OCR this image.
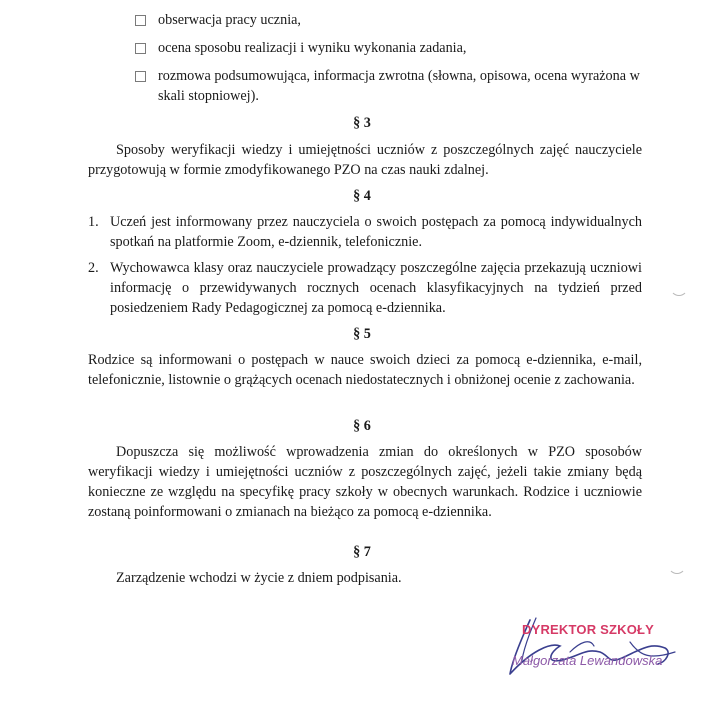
obserwacja pracy ucznia,
ocena sposobu realizacji i wyniku wykonania zadania,
rozmowa podsumowująca, informacja zwrotna (słowna, opisowa, ocena wyrażona w skali stopniowej).
§ 3
Sposoby weryfikacji wiedzy i umiejętności uczniów z poszczególnych zajęć nauczyciele przygotowują w formie zmodyfikowanego PZO na czas nauki zdalnej.
§ 4
1. Uczeń jest informowany przez nauczyciela o swoich postępach za pomocą indywidualnych spotkań na platformie Zoom, e-dziennik, telefonicznie.
2. Wychowawca klasy oraz nauczyciele prowadzący poszczególne zajęcia przekazują uczniowi informację o przewidywanych rocznych ocenach klasyfikacyjnych na tydzień przed posiedzeniem Rady Pedagogicznej za pomocą e-dziennika.
§ 5
Rodzice są informowani o postępach w nauce swoich dzieci za pomocą e-dziennika, e-mail, telefonicznie, listownie o grążących ocenach niedostatecznych i obniżonej ocenie z zachowania.
§ 6
Dopuszcza się możliwość wprowadzenia zmian do określonych w PZO sposobów weryfikacji wiedzy i umiejętności uczniów z poszczególnych zajęć, jeżeli takie zmiany będą konieczne ze względu na specyfikę pracy szkoły w obecnych warunkach. Rodzice i uczniowie zostaną poinformowani o zmianach na bieżąco za pomocą e-dziennika.
§ 7
Zarządzenie wchodzi w życie z dniem podpisania.
DYREKTOR SZKOŁY
Małgorzata Lewandowska
